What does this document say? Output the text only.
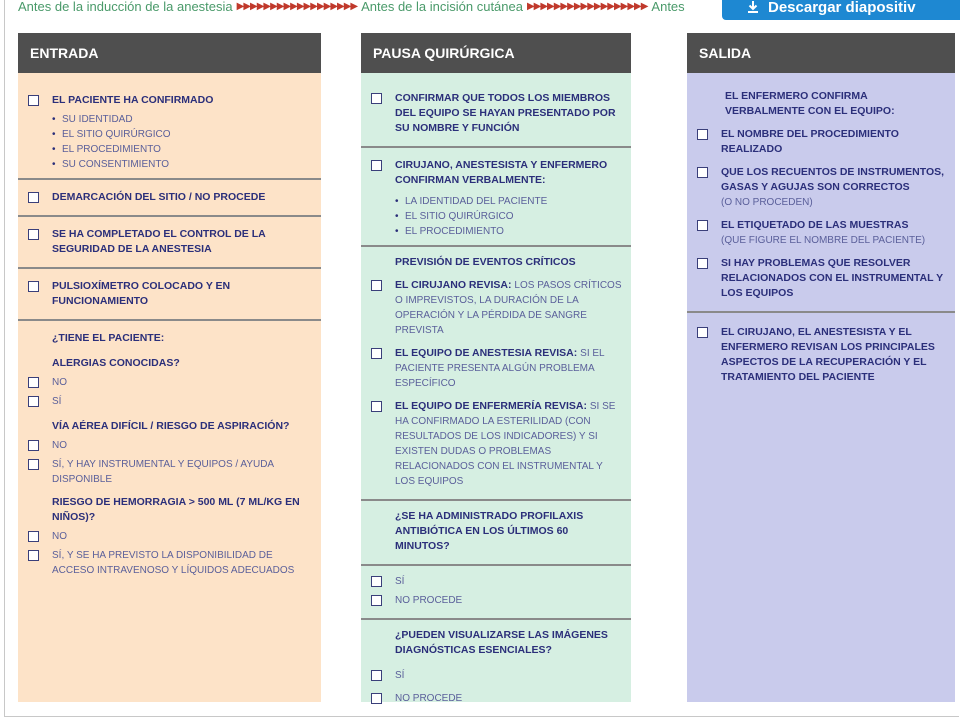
Antes de la inducción de la anestesia ▶▶▶▶▶▶▶▶▶▶▶▶▶▶▶▶▶▶ Antes de la incisión cutánea ▶▶▶▶▶▶▶▶▶▶▶▶▶▶▶▶▶▶ Antes	Descargar diapositiv
ENTRADA
EL PACIENTE HA CONFIRMADO
• SU IDENTIDAD
• EL SITIO QUIRÚRGICO
• EL PROCEDIMIENTO
• SU CONSENTIMIENTO
DEMARCACIÓN DEL SITIO / NO PROCEDE
SE HA COMPLETADO EL CONTROL DE LA SEGURIDAD DE LA ANESTESIA
PULSIOXÍMETRO COLOCADO Y EN FUNCIONAMIENTO
¿TIENE EL PACIENTE:
ALERGIAS CONOCIDAS?
NO
SÍ
VÍA AÉREA DIFÍCIL / RIESGO DE ASPIRACIÓN?
NO
SÍ, Y HAY INSTRUMENTAL Y EQUIPOS / AYUDA DISPONIBLE
RIESGO DE HEMORRAGIA > 500 ML (7 ML/KG EN NIÑOS)?
NO
SÍ, Y SE HA PREVISTO LA DISPONIBILIDAD DE ACCESO INTRAVENOSO Y LÍQUIDOS ADECUADOS
PAUSA QUIRÚRGICA
CONFIRMAR QUE TODOS LOS MIEMBROS DEL EQUIPO SE HAYAN PRESENTADO POR SU NOMBRE Y FUNCIÓN
CIRUJANO, ANESTESISTA Y ENFERMERO CONFIRMAN VERBALMENTE:
• LA IDENTIDAD DEL PACIENTE
• EL SITIO QUIRÚRGICO
• EL PROCEDIMIENTO
PREVISIÓN DE EVENTOS CRÍTICOS
EL CIRUJANO REVISA: LOS PASOS CRÍTICOS O IMPREVISTOS, LA DURACIÓN DE LA OPERACIÓN Y LA PÉRDIDA DE SANGRE PREVISTA
EL EQUIPO DE ANESTESIA REVISA: SI EL PACIENTE PRESENTA ALGÚN PROBLEMA ESPECÍFICO
EL EQUIPO DE ENFERMERÍA REVISA: SI SE HA CONFIRMADO LA ESTERILIDAD (CON RESULTADOS DE LOS INDICADORES) Y SI EXISTEN DUDAS O PROBLEMAS RELACIONADOS CON EL INSTRUMENTAL Y LOS EQUIPOS
¿SE HA ADMINISTRADO PROFILAXIS ANTIBIÓTICA EN LOS ÚLTIMOS 60 MINUTOS?
SÍ
NO PROCEDE
¿PUEDEN VISUALIZARSE LAS IMÁGENES DIAGNÓSTICAS ESENCIALES?
SÍ
NO PROCEDE
SALIDA
EL ENFERMERO CONFIRMA VERBALMENTE CON EL EQUIPO:
EL NOMBRE DEL PROCEDIMIENTO REALIZADO
QUE LOS RECUENTOS DE INSTRUMENTOS, GASAS Y AGUJAS SON CORRECTOS
(O NO PROCEDEN)
EL ETIQUETADO DE LAS MUESTRAS
(QUE FIGURE EL NOMBRE DEL PACIENTE)
SI HAY PROBLEMAS QUE RESOLVER RELACIONADOS CON EL INSTRUMENTAL Y LOS EQUIPOS
EL CIRUJANO, EL ANESTESISTA Y EL ENFERMERO REVISAN LOS PRINCIPALES ASPECTOS DE LA RECUPERACIÓN Y EL TRATAMIENTO DEL PACIENTE
